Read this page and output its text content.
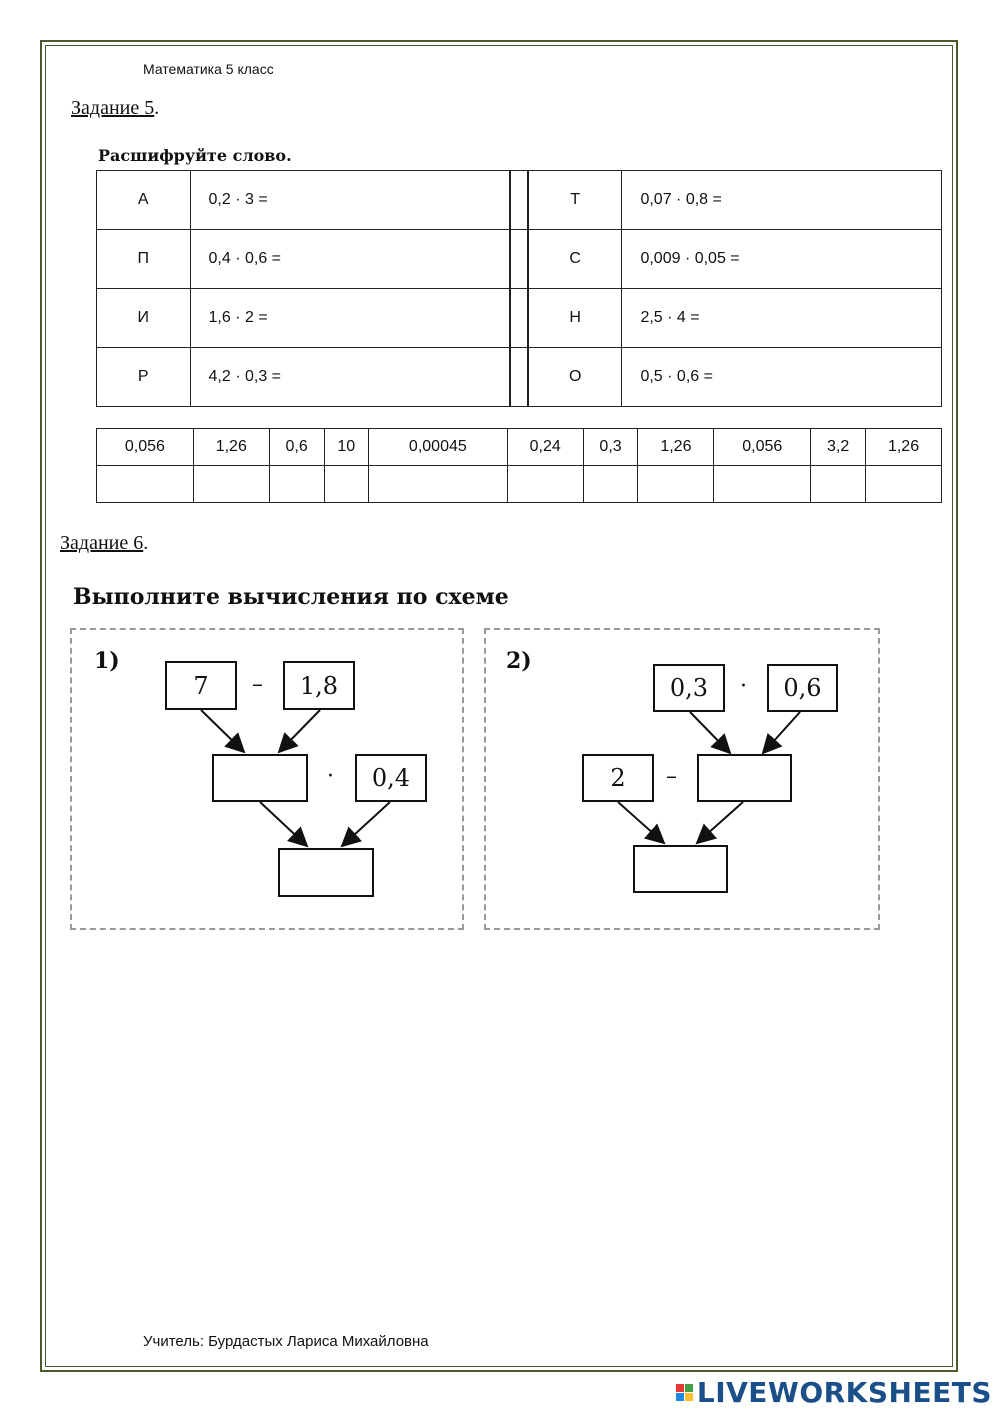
Математика 5 класс
Задание 5.
Расшифруйте слово.
А	0,2 · 3 =		Т	0,07 · 0,8 =
П	0,4 · 0,6 =		С	0,009 · 0,05 =
И	1,6 · 2 =		Н	2,5 · 4 =
Р	4,2 · 0,3 =		О	0,5 · 0,6 =
0,056	1,26	0,6	10	0,00045	0,24	0,3	1,26	0,056	3,2	1,26

Задание 6.
Выполните вычисления по схеме
1)
7	–	1,8
·	0,4
2)
0,3	·	0,6
2	–
Учитель: Бурдастых Лариса Михайловна
LIVEWORKSHEETS
